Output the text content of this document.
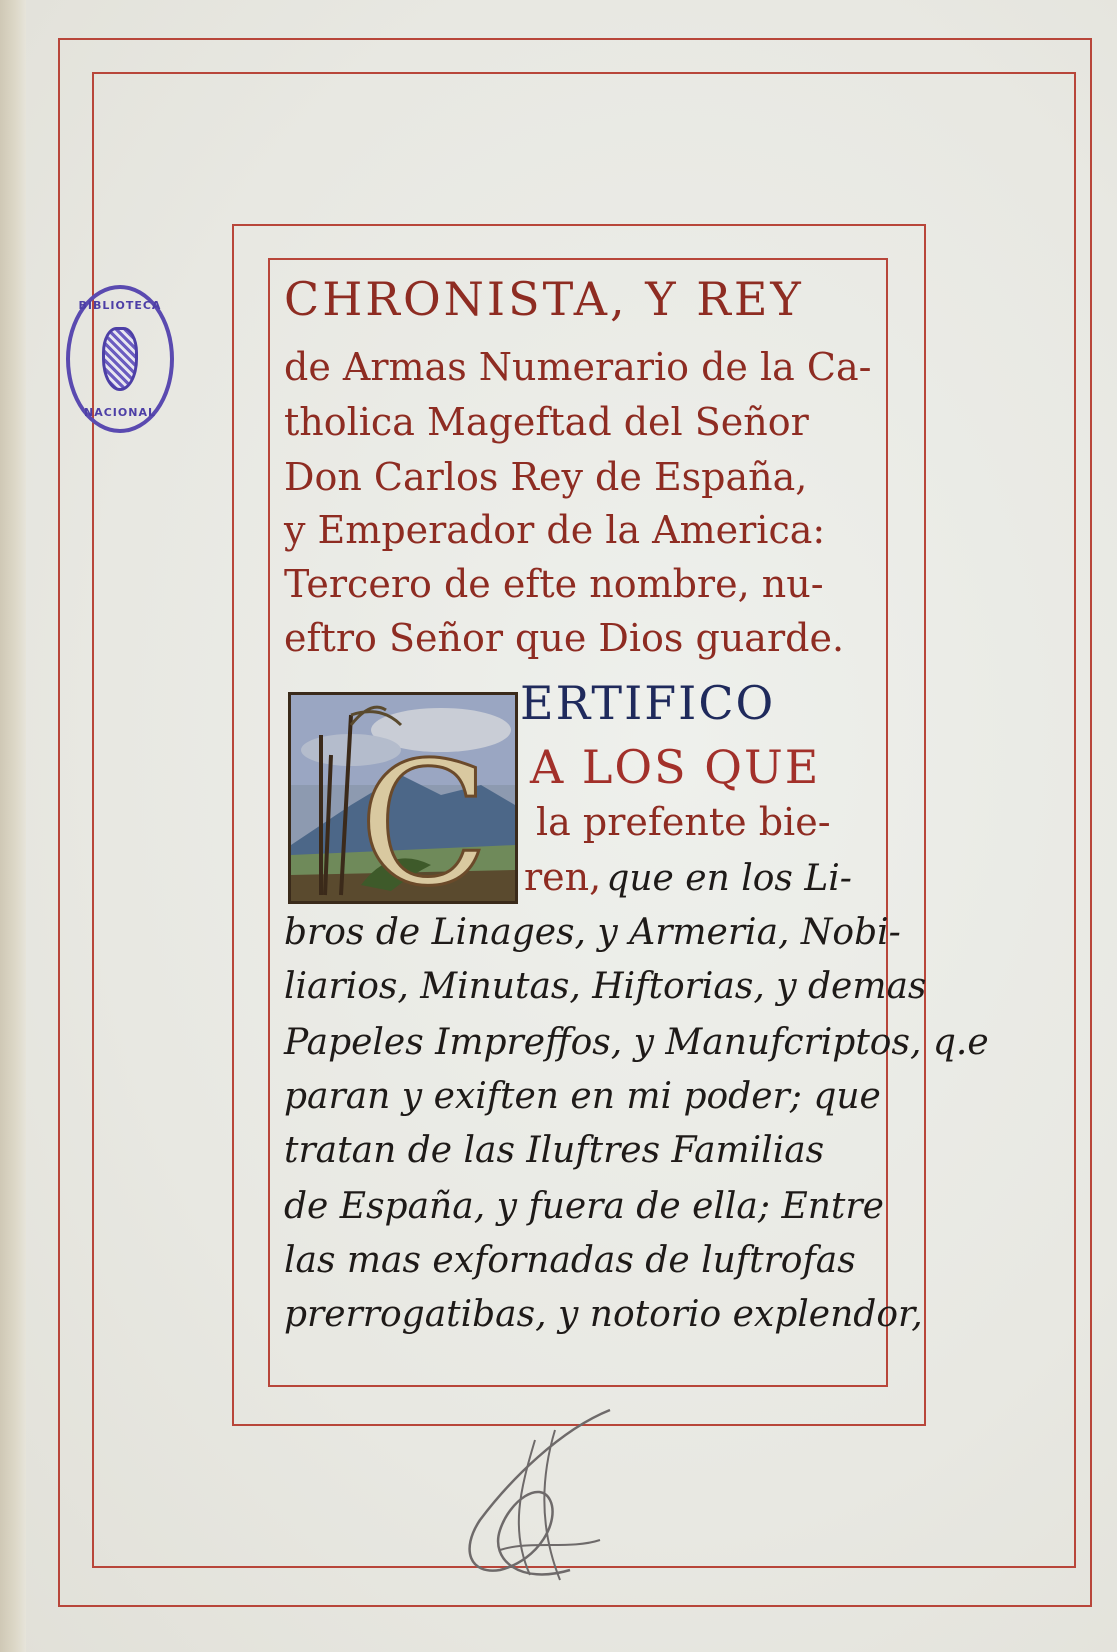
BIBLIOTECA
NACIONAL
CHRONISTA, Y REY
de Armas Numerario de la Ca-
tholica Mageftad del Señor
Don Carlos Rey de España,
y Emperador de la America:
Tercero de efte nombre, nu-
eftro Señor que Dios guarde.
C
ERTIFICO
A LOS QUE
la prefente bie-
ren, que en los Li-
bros de Linages, y Armeria, Nobi-
liarios, Minutas, Hiftorias, y demas
Papeles Impreffos, y Manufcriptos, q.e
paran y exiften en mi poder; que
tratan de las Iluftres Familias
de España, y fuera de ella; Entre
las mas exfornadas de luftrofas
prerrogatibas, y notorio explendor,
